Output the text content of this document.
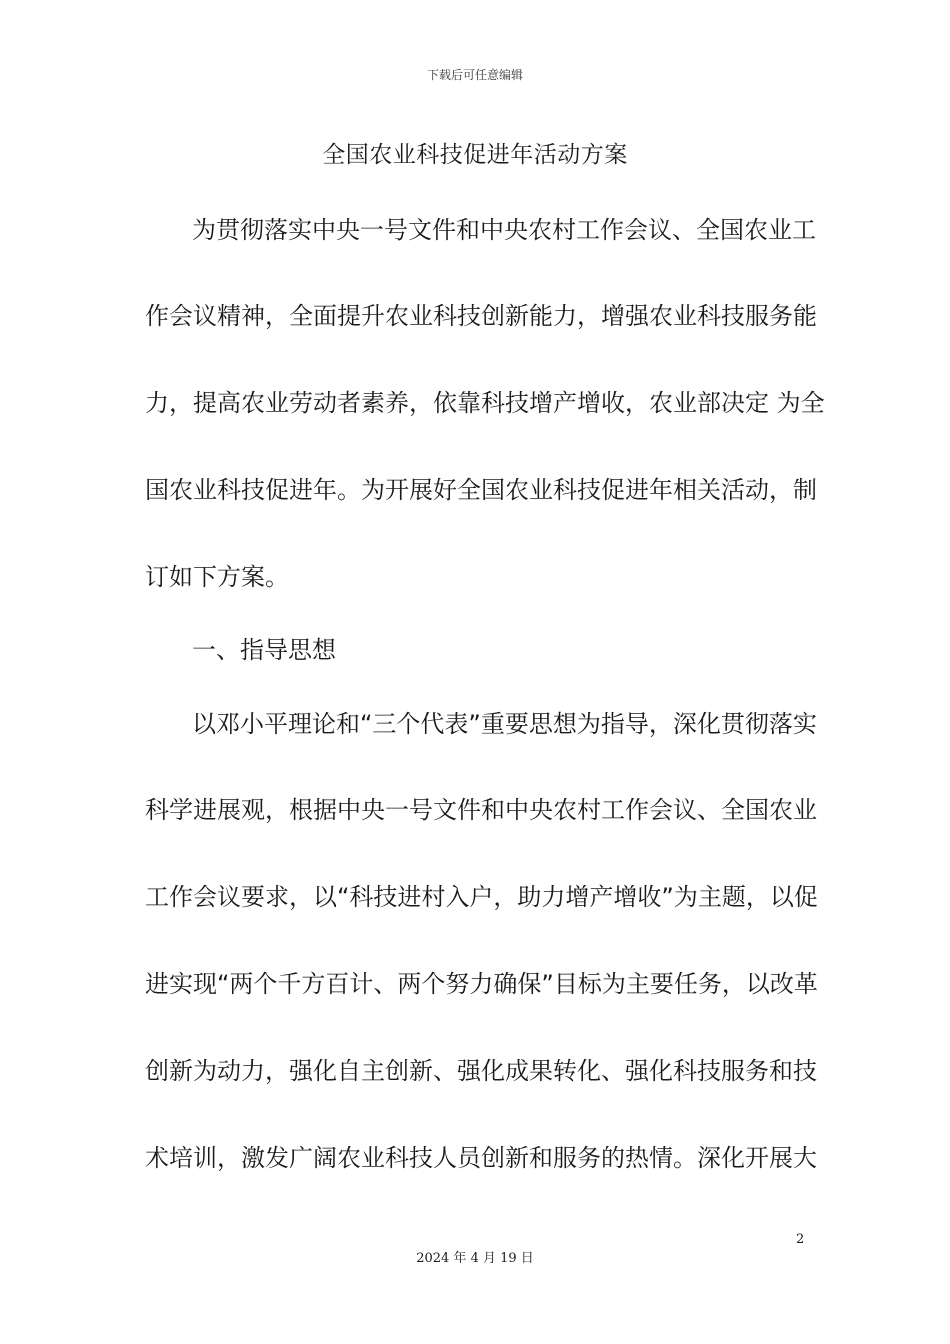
下载后可任意编辑
全国农业科技促进年活动方案
为贯彻落实中央一号文件和中央农村工作会议、全国农业工
作会议精神，全面提升农业科技创新能力，增强农业科技服务能
力，提高农业劳动者素养，依靠科技增产增收，农业部决定 为全
国农业科技促进年。为开展好全国农业科技促进年相关活动，制
订如下方案。
一、指导思想
以邓小平理论和“三个代表”重要思想为指导，深化贯彻落实
科学进展观，根据中央一号文件和中央农村工作会议、全国农业
工作会议要求，以“科技进村入户，助力增产增收”为主题，以促
进实现“两个千方百计、两个努力确保”目标为主要任务，以改革
创新为动力，强化自主创新、强化成果转化、强化科技服务和技
术培训，激发广阔农业科技人员创新和服务的热情。深化开展大
2
2024 年 4 月 19 日
